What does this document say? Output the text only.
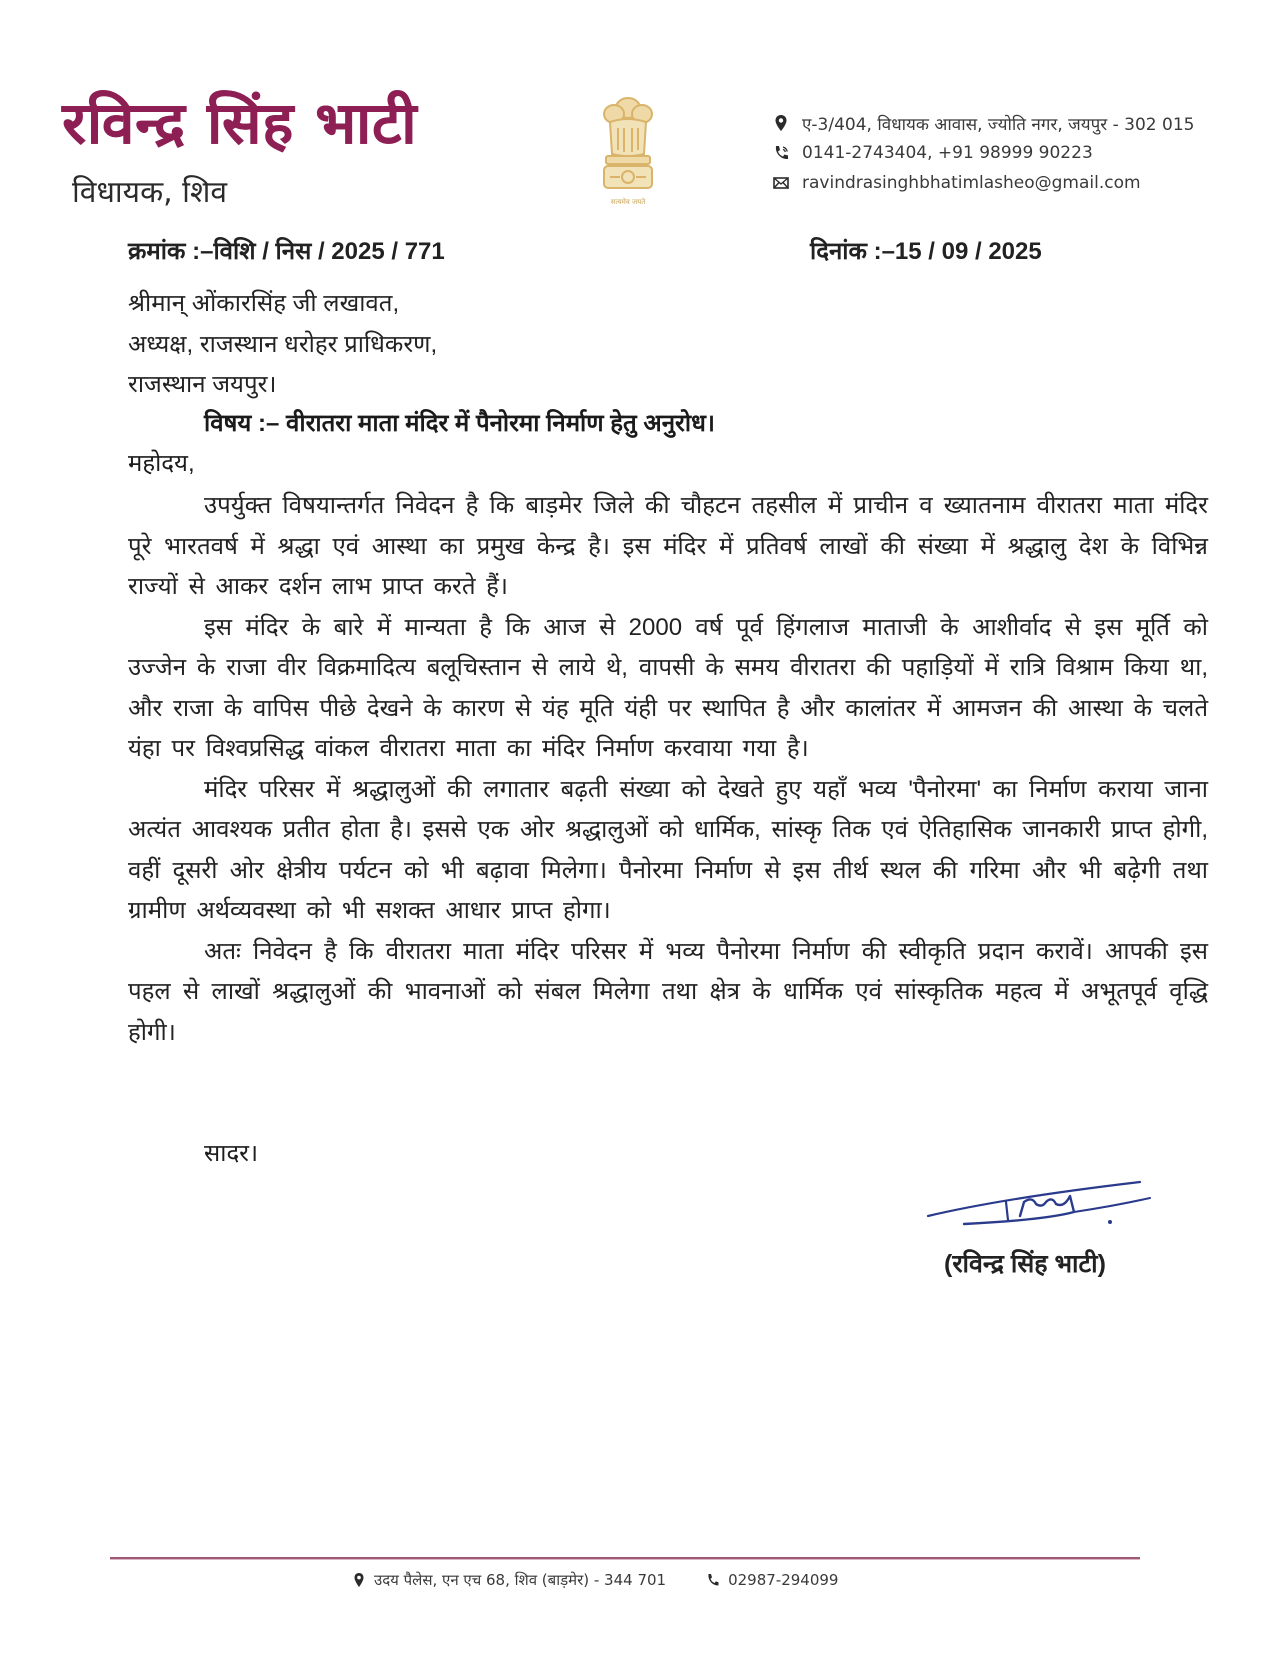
रविन्द्र सिंह भाटी
विधायक, शिव	सत्यमेव जयते
ए-3/404, विधायक आवास, ज्योति नगर, जयपुर - 302 015
0141-2743404, +91 98999 90223
ravindrasinghbhatimlasheo@gmail.com
क्रमांक :–विशि / निस / 2025 / 771	दिनांक :–15 / 09 / 2025
श्रीमान् ओंकारसिंह जी लखावत,
अध्यक्ष, राजस्थान धरोहर प्राधिकरण,
राजस्थान जयपुर।
विषय :– वीरातरा माता मंदिर में पैनोरमा निर्माण हेतु अनुरोध।
महोदय,

उपर्युक्त विषयान्तर्गत निवेदन है कि बाड़मेर जिले की चौहटन तहसील में प्राचीन व ख्यातनाम वीरातरा माता मंदिर पूरे भारतवर्ष में श्रद्धा एवं आस्था का प्रमुख केन्द्र है। इस मंदिर में प्रतिवर्ष लाखों की संख्या में श्रद्धालु देश के विभिन्न राज्यों से आकर दर्शन लाभ प्राप्त करते हैं।

इस मंदिर के बारे में मान्यता है कि आज से 2000 वर्ष पूर्व हिंगलाज माताजी के आशीर्वाद से इस मूर्ति को उज्जेन के राजा वीर विक्रमादित्य बलूचिस्तान से लाये थे, वापसी के समय वीरातरा की पहाड़ियों में रात्रि विश्राम किया था, और राजा के वापिस पीछे देखने के कारण से यंह मूति यंही पर स्थापित है और कालांतर में आमजन की आस्था के चलते यंहा पर विश्वप्रसिद्ध वांकल वीरातरा माता का मंदिर निर्माण करवाया गया है।

मंदिर परिसर में श्रद्धालुओं की लगातार बढ़ती संख्या को देखते हुए यहाँ भव्य 'पैनोरमा' का निर्माण कराया जाना अत्यंत आवश्यक प्रतीत होता है। इससे एक ओर श्रद्धालुओं को धार्मिक, सांस्कृ तिक एवं ऐतिहासिक जानकारी प्राप्त होगी, वहीं दूसरी ओर क्षेत्रीय पर्यटन को भी बढ़ावा मिलेगा। पैनोरमा निर्माण से इस तीर्थ स्थल की गरिमा और भी बढ़ेगी तथा ग्रामीण अर्थव्यवस्था को भी सशक्त आधार प्राप्त होगा।

अतः निवेदन है कि वीरातरा माता मंदिर परिसर में भव्य पैनोरमा निर्माण की स्वीकृति प्रदान करावें। आपकी इस पहल से लाखों श्रद्धालुओं की भावनाओं को संबल मिलेगा तथा क्षेत्र के धार्मिक एवं सांस्कृतिक महत्व में अभूतपूर्व वृद्धि होगी।

सादर।
(रविन्द्र सिंह भाटी)
उदय पैलेस, एन एच 68, शिव (बाड़मेर) - 344 701	02987-294099
